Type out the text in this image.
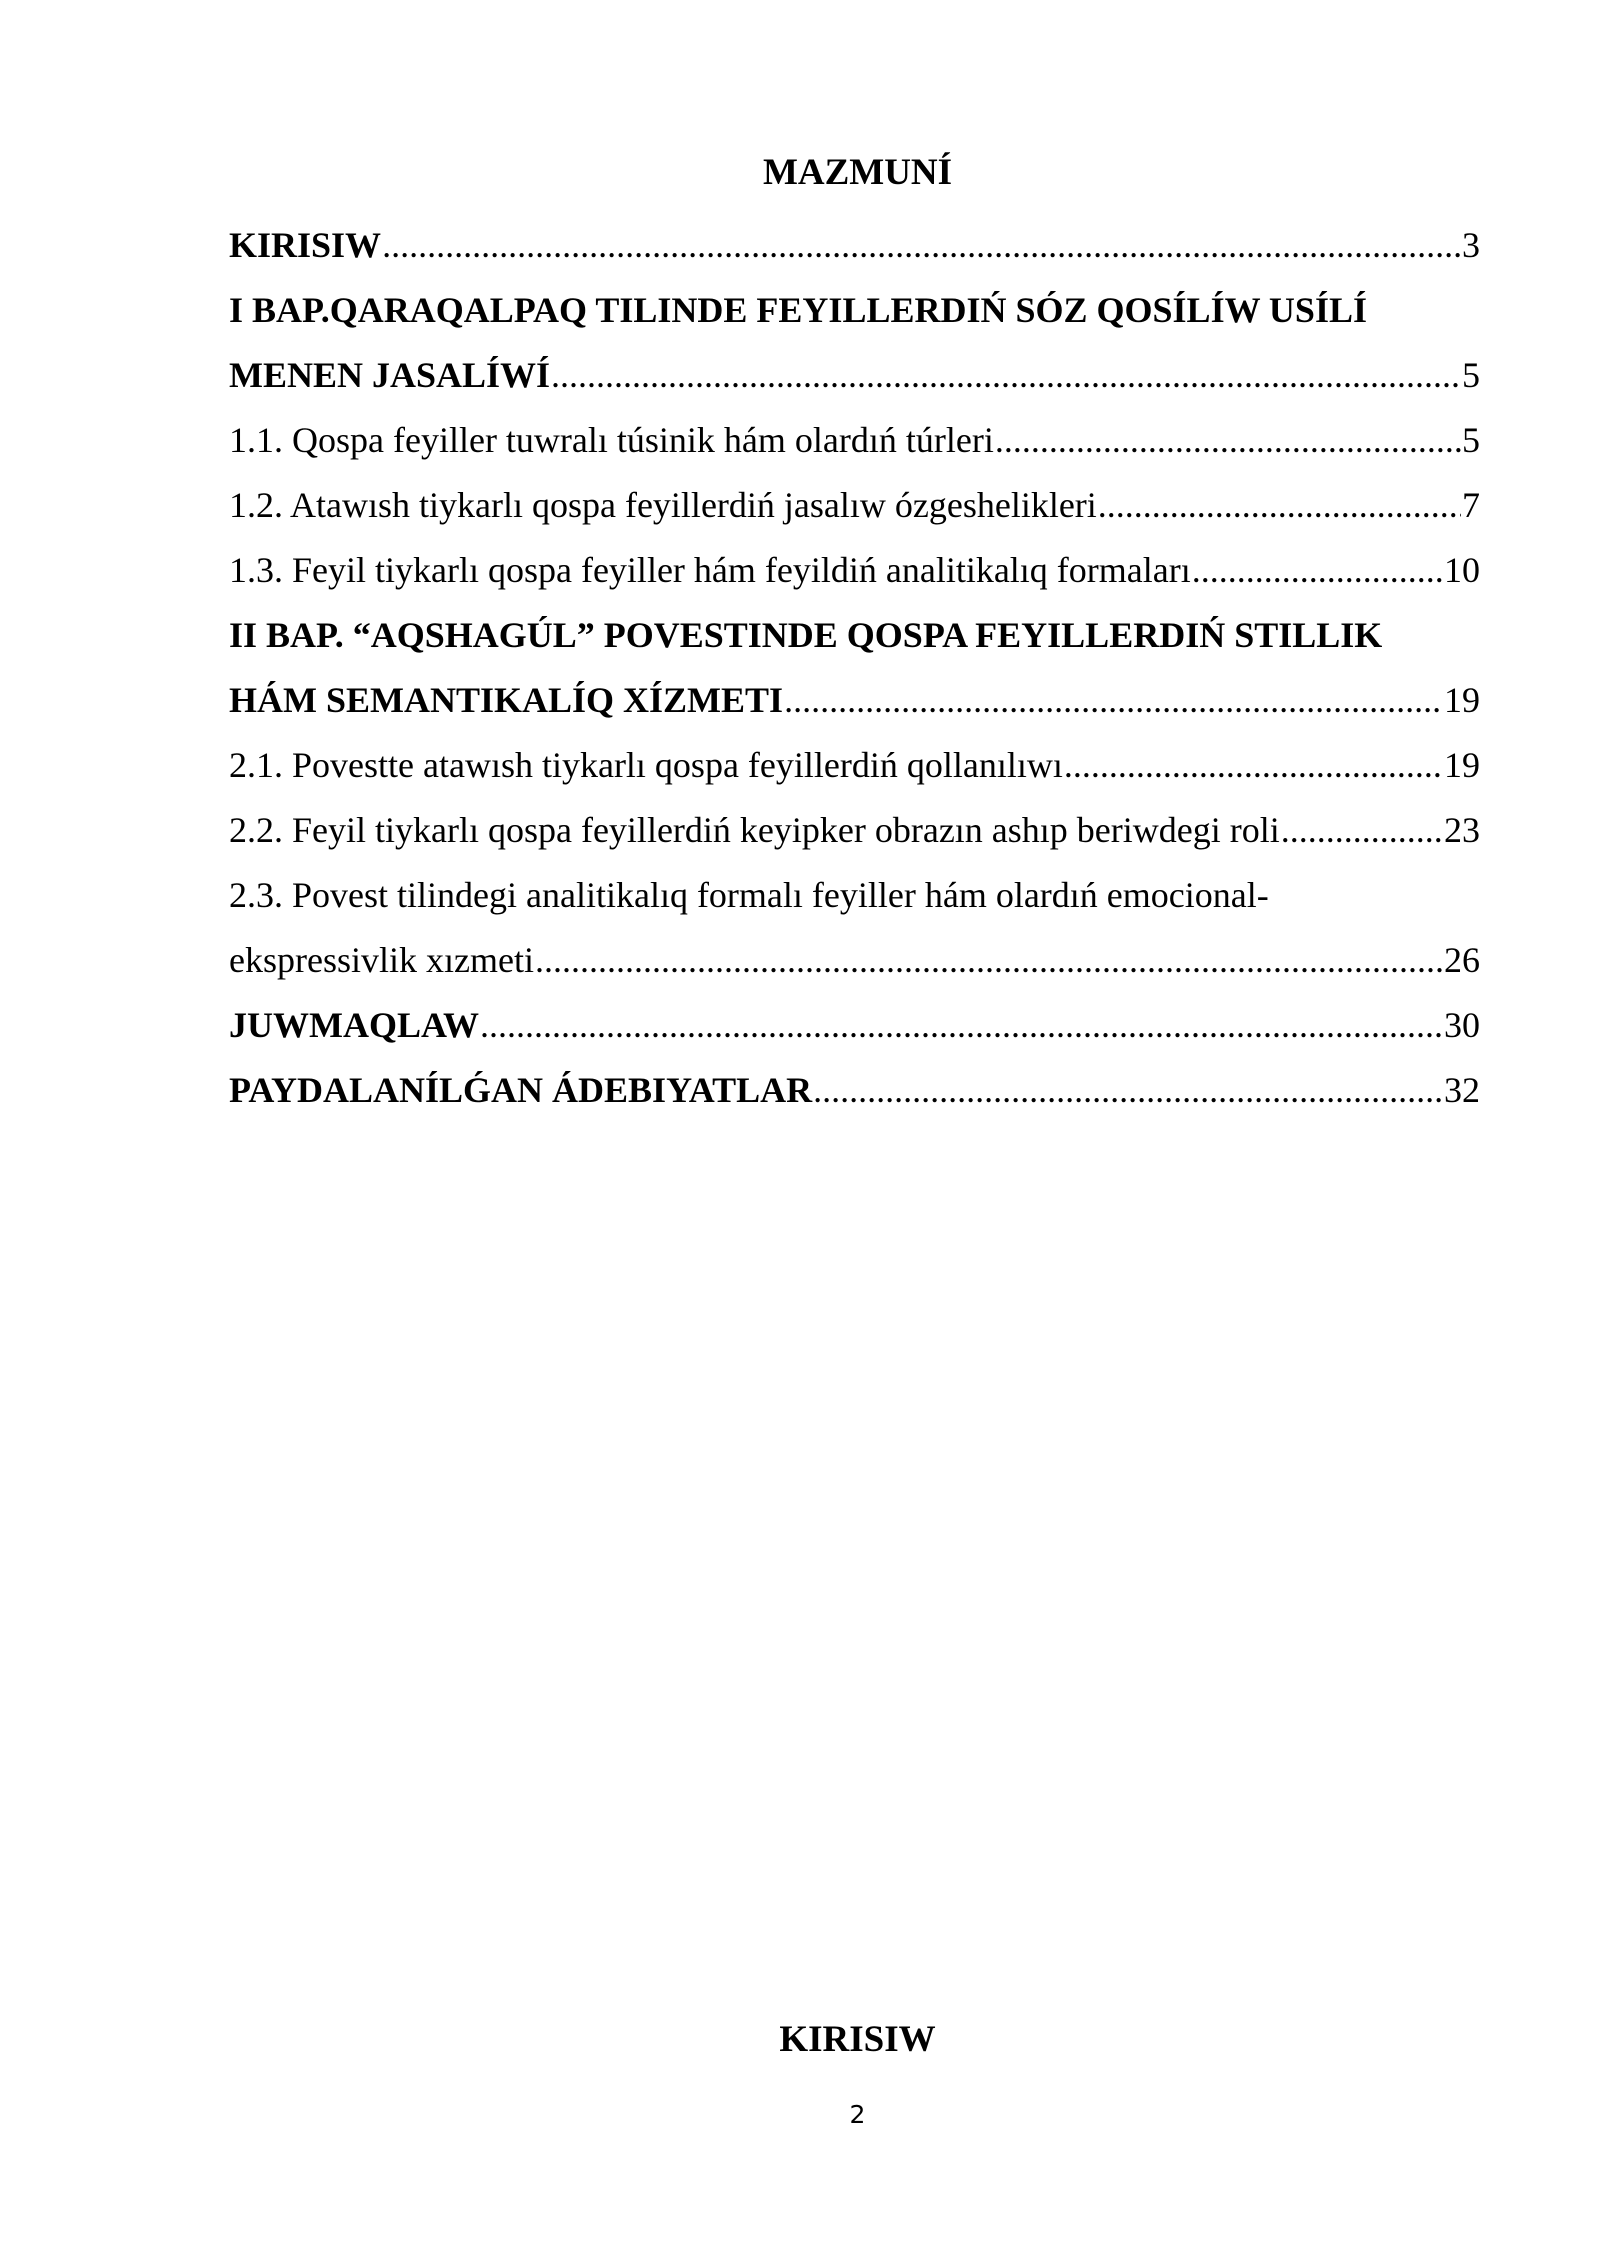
MAZMUNÍ
KIRISIW .....	3
I BAP.QARAQALPAQ TILINDE FEYILLERDIŃ SÓZ QOSÍLÍW USÍLÍ
MENEN JASALÍWÍ .....	5
1.1. Qospa feyiller tuwralı túsinik hám olardıń túrleri .....	5
1.2. Atawısh tiykarlı qospa feyillerdiń jasalıw ózgeshelikleri .....	7
1.3. Feyil tiykarlı qospa feyiller hám feyildiń analitikalıq formaları .....	10
II BAP. “AQSHAGÚL” POVESTINDE QOSPA FEYILLERDIŃ STILLIK
HÁM SEMANTIKALÍQ XÍZMETI .....	19
2.1. Povestte atawısh tiykarlı qospa feyillerdiń qollanılıwı .....	19
2.2. Feyil tiykarlı qospa feyillerdiń keyipker obrazın ashıp beriwdegi roli .....	23
2.3. Povest tilindegi analitikalıq formalı feyiller hám olardıń emocional-
ekspressivlik xızmeti .....	26
JUWMAQLAW .....	30
PAYDALANÍLǴAN ÁDEBIYATLAR .....	32
KIRISIW
2
